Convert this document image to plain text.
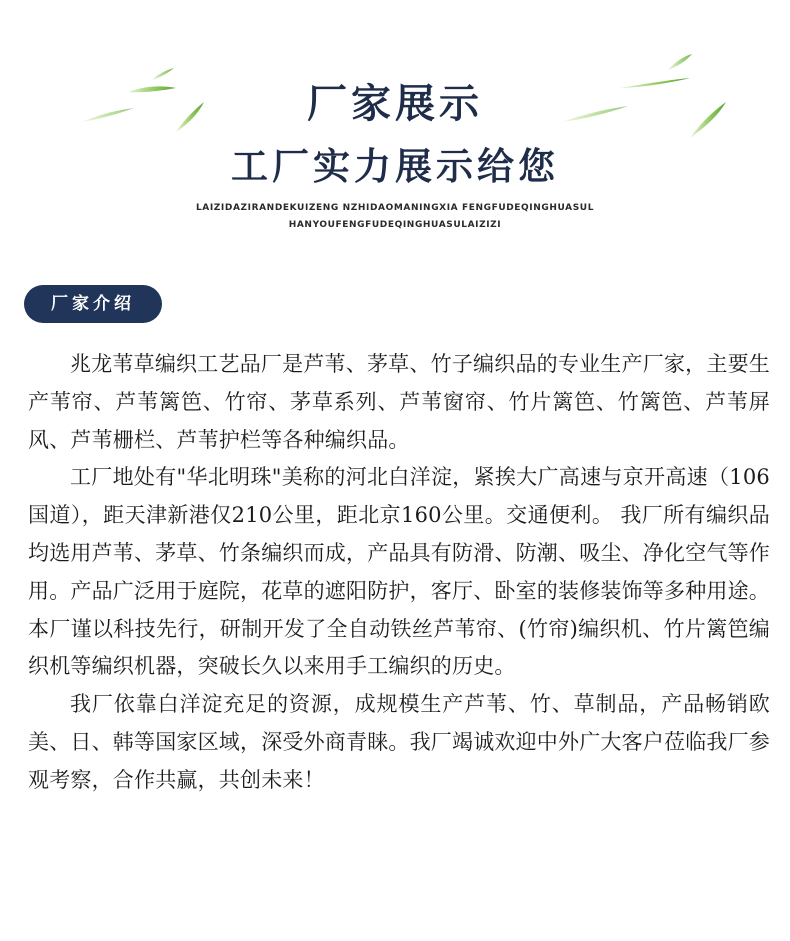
厂家展示
工厂实力展示给您
LAIZIDAZIRANDEKUIZENG NZHIDAOMANINGXIA FENGFUDEQINGHUASUL
HANYOUFENGFUDEQINGHUASULAIZIZI
厂家介绍

兆龙苇草编织工艺品厂是芦苇、茅草、竹子编织品的专业生产厂家，主要生产苇帘、芦苇篱笆、竹帘、茅草系列、芦苇窗帘、竹片篱笆、竹篱笆、芦苇屏风、芦苇栅栏、芦苇护栏等各种编织品。

工厂地处有"华北明珠"美称的河北白洋淀，紧挨大广高速与京开高速（106国道），距天津新港仅210公里，距北京160公里。交通便利。 我厂所有编织品均选用芦苇、茅草、竹条编织而成，产品具有防滑、防潮、吸尘、净化空气等作用。产品广泛用于庭院，花草的遮阳防护，客厅、卧室的装修装饰等多种用途。 本厂谨以科技先行，研制开发了全自动铁丝芦苇帘、(竹帘)编织机、竹片篱笆编织机等编织机器，突破长久以来用手工编织的历史。

我厂依靠白洋淀充足的资源，成规模生产芦苇、竹、草制品，产品畅销欧美、日、韩等国家区域，深受外商青睐。我厂竭诚欢迎中外广大客户莅临我厂参观考察，合作共赢，共创未来！
